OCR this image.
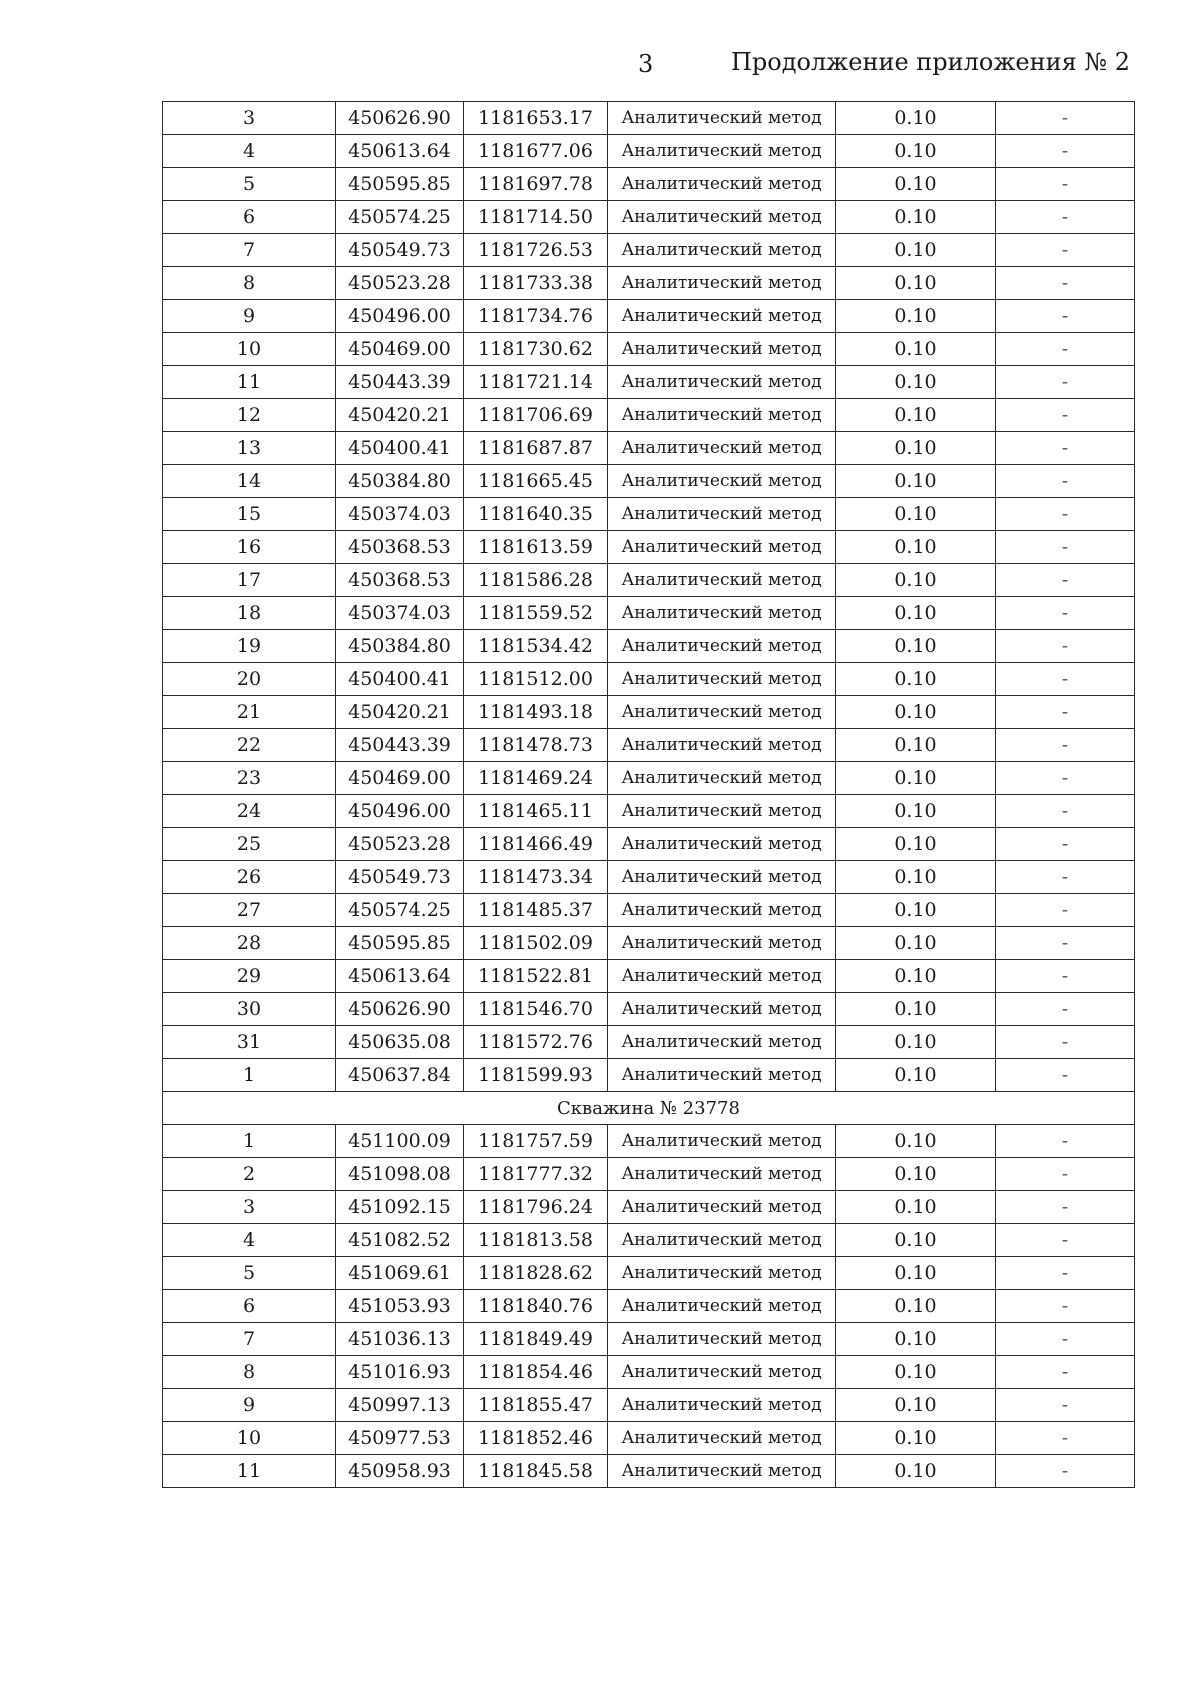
3	Продолжение приложения № 2
3	450626.90	1181653.17	Аналитический метод	0.10	-
4	450613.64	1181677.06	Аналитический метод	0.10	-
5	450595.85	1181697.78	Аналитический метод	0.10	-
6	450574.25	1181714.50	Аналитический метод	0.10	-
7	450549.73	1181726.53	Аналитический метод	0.10	-
8	450523.28	1181733.38	Аналитический метод	0.10	-
9	450496.00	1181734.76	Аналитический метод	0.10	-
10	450469.00	1181730.62	Аналитический метод	0.10	-
11	450443.39	1181721.14	Аналитический метод	0.10	-
12	450420.21	1181706.69	Аналитический метод	0.10	-
13	450400.41	1181687.87	Аналитический метод	0.10	-
14	450384.80	1181665.45	Аналитический метод	0.10	-
15	450374.03	1181640.35	Аналитический метод	0.10	-
16	450368.53	1181613.59	Аналитический метод	0.10	-
17	450368.53	1181586.28	Аналитический метод	0.10	-
18	450374.03	1181559.52	Аналитический метод	0.10	-
19	450384.80	1181534.42	Аналитический метод	0.10	-
20	450400.41	1181512.00	Аналитический метод	0.10	-
21	450420.21	1181493.18	Аналитический метод	0.10	-
22	450443.39	1181478.73	Аналитический метод	0.10	-
23	450469.00	1181469.24	Аналитический метод	0.10	-
24	450496.00	1181465.11	Аналитический метод	0.10	-
25	450523.28	1181466.49	Аналитический метод	0.10	-
26	450549.73	1181473.34	Аналитический метод	0.10	-
27	450574.25	1181485.37	Аналитический метод	0.10	-
28	450595.85	1181502.09	Аналитический метод	0.10	-
29	450613.64	1181522.81	Аналитический метод	0.10	-
30	450626.90	1181546.70	Аналитический метод	0.10	-
31	450635.08	1181572.76	Аналитический метод	0.10	-
1	450637.84	1181599.93	Аналитический метод	0.10	-
Скважина № 23778					
1	451100.09	1181757.59	Аналитический метод	0.10	-
2	451098.08	1181777.32	Аналитический метод	0.10	-
3	451092.15	1181796.24	Аналитический метод	0.10	-
4	451082.52	1181813.58	Аналитический метод	0.10	-
5	451069.61	1181828.62	Аналитический метод	0.10	-
6	451053.93	1181840.76	Аналитический метод	0.10	-
7	451036.13	1181849.49	Аналитический метод	0.10	-
8	451016.93	1181854.46	Аналитический метод	0.10	-
9	450997.13	1181855.47	Аналитический метод	0.10	-
10	450977.53	1181852.46	Аналитический метод	0.10	-
11	450958.93	1181845.58	Аналитический метод	0.10	-
